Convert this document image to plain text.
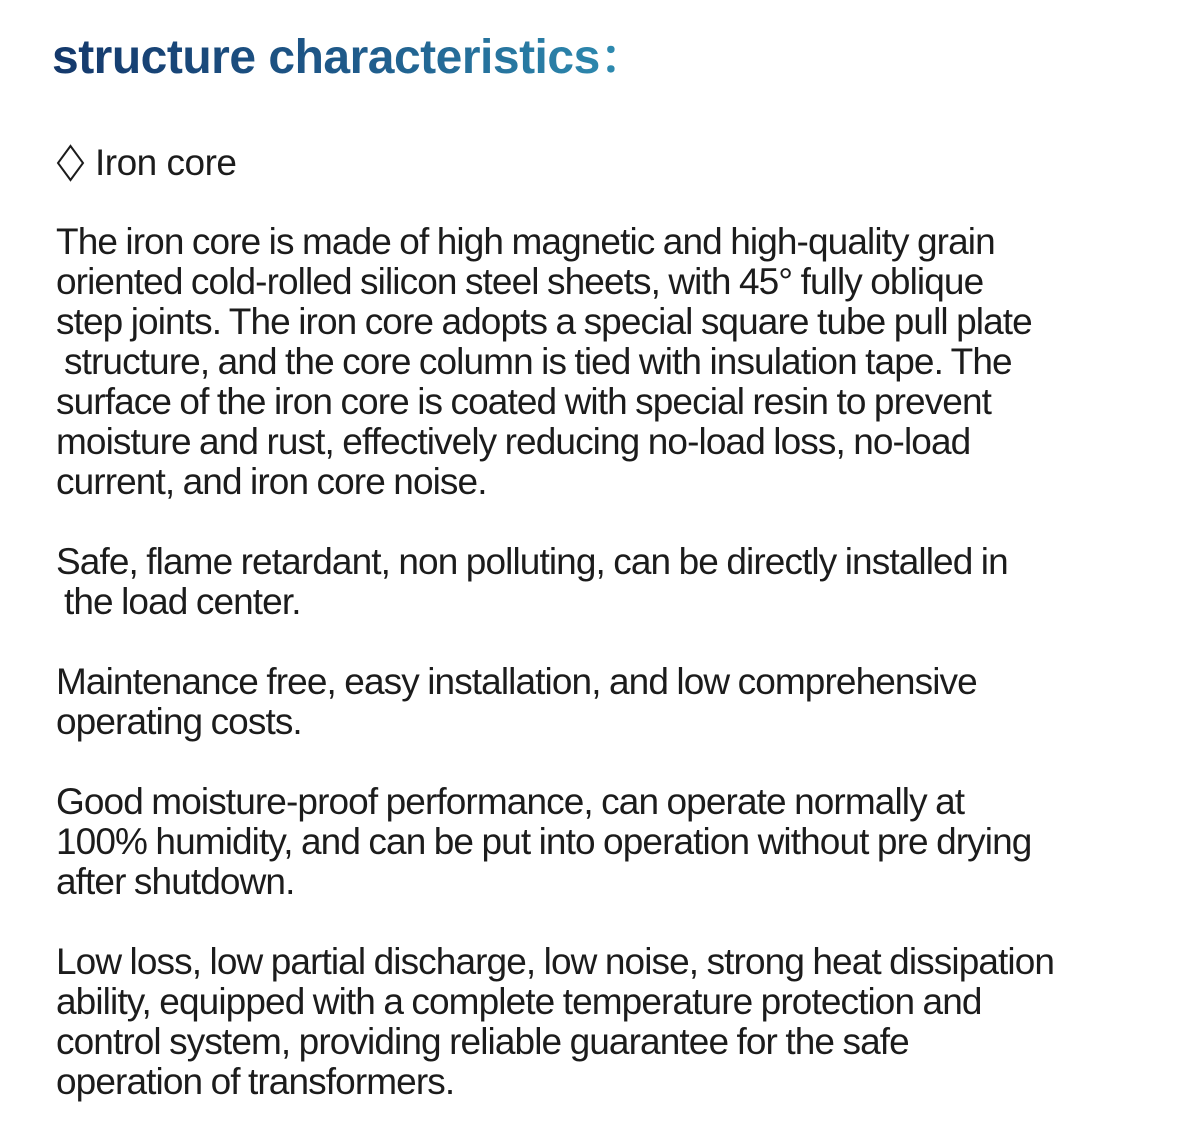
structure characteristics：
Iron core
The iron core is made of high magnetic and high-quality grain
oriented cold-rolled silicon steel sheets, with 45° fully oblique
step joints. The iron core adopts a special square tube pull plate
structure, and the core column is tied with insulation tape. The
surface of the iron core is coated with special resin to prevent
moisture and rust, effectively reducing no-load loss, no-load
current, and iron core noise.
Safe, flame retardant, non polluting, can be directly installed in
the load center.
Maintenance free, easy installation, and low comprehensive
operating costs.
Good moisture-proof performance, can operate normally at
100% humidity, and can be put into operation without pre drying
after shutdown.
Low loss, low partial discharge, low noise, strong heat dissipation
ability, equipped with a complete temperature protection and
control system, providing reliable guarantee for the safe
operation of transformers.
